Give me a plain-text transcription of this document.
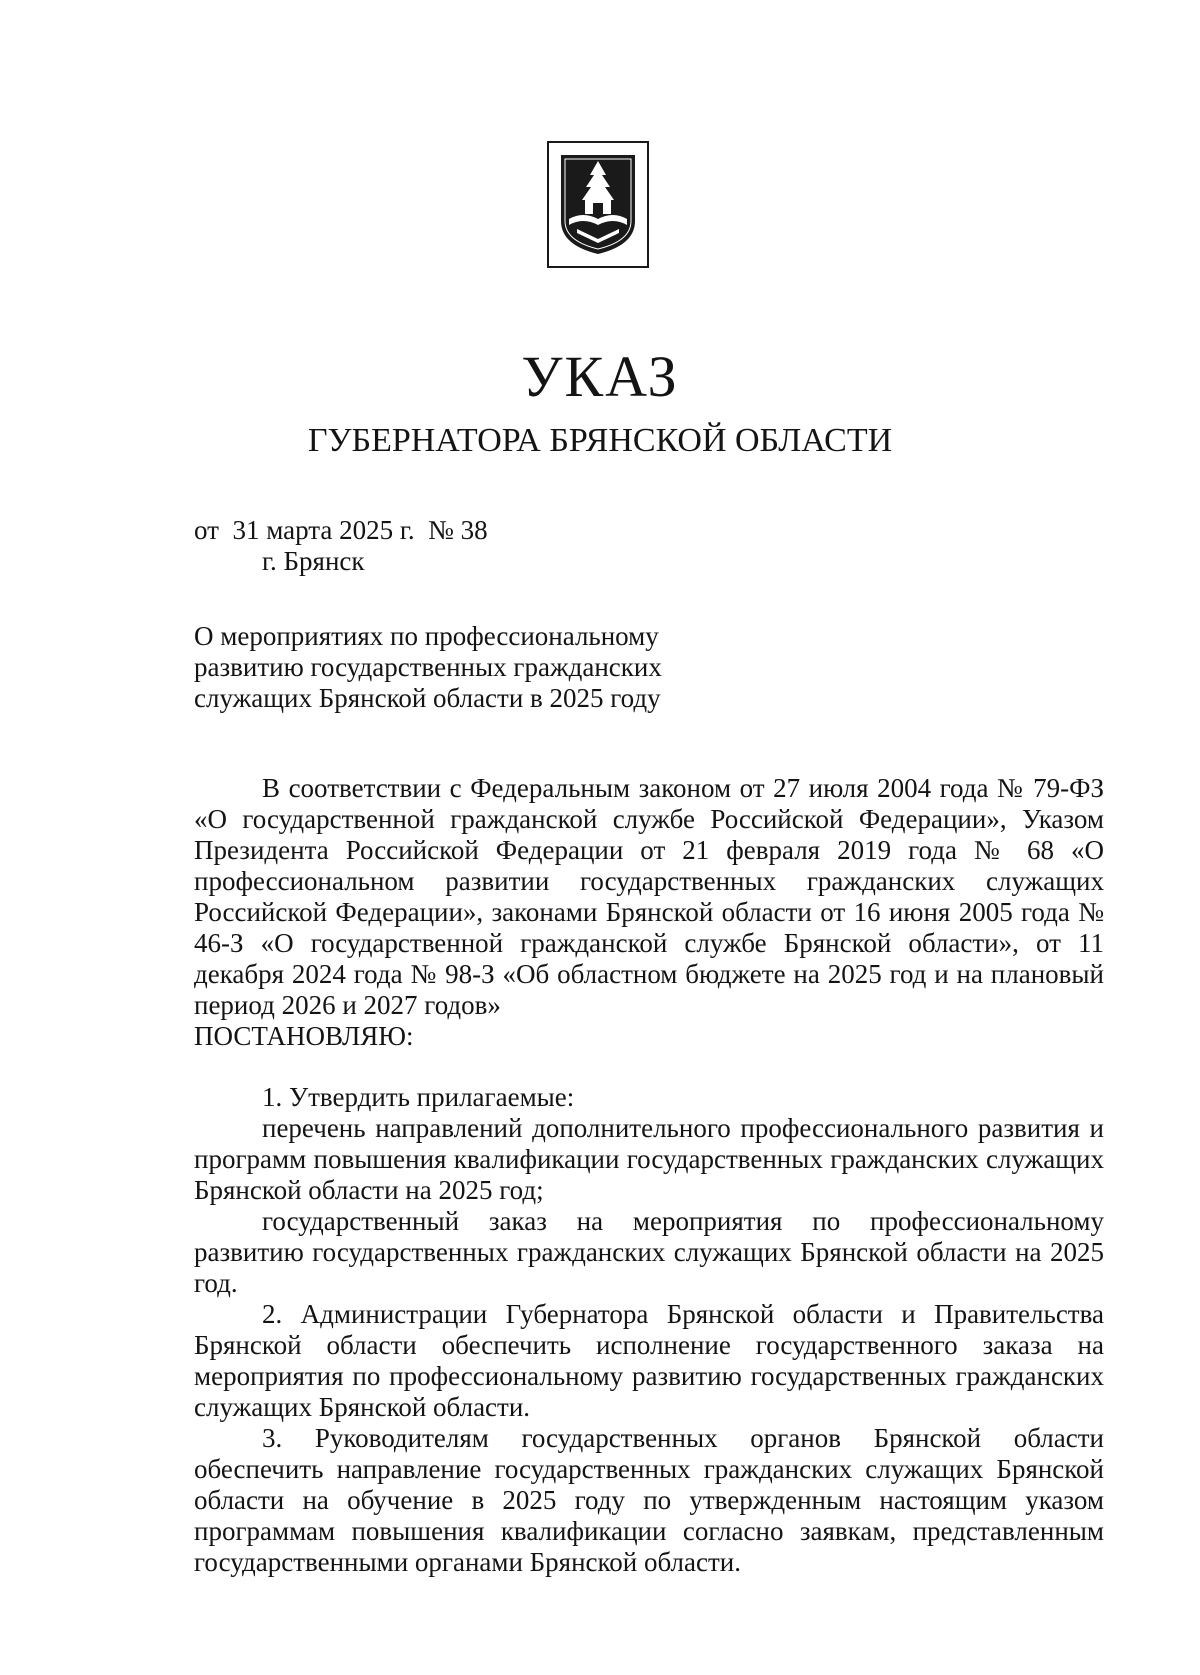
УКАЗ
ГУБЕРНАТОРА БРЯНСКОЙ ОБЛАСТИ
от 31 марта 2025 г. № 38
г. Брянск
О мероприятиях по профессиональному
развитию государственных гражданских
служащих Брянской области в 2025 году

В соответствии с Федеральным законом от 27 июля 2004 года № 79-ФЗ «О государственной гражданской службе Российской Федерации», Указом Президента Российской Федерации от 21 февраля 2019 года № 68 «О профессиональном развитии государственных гражданских служащих Российской Федерации», законами Брянской области от 16 июня 2005 года № 46-З «О государственной гражданской службе Брянской области», от 11 декабря 2024 года № 98-З «Об областном бюджете на 2025 год и на плановый период 2026 и 2027 годов»

ПОСТАНОВЛЯЮ:

1. Утвердить прилагаемые:

перечень направлений дополнительного профессионального развития и программ повышения квалификации государственных гражданских служащих Брянской области на 2025 год;

государственный заказ на мероприятия по профессиональному развитию государственных гражданских служащих Брянской области на 2025 год.

2. Администрации Губернатора Брянской области и Правительства Брянской области обеспечить исполнение государственного заказа на мероприятия по профессиональному развитию государственных гражданских служащих Брянской области.

3. Руководителям государственных органов Брянской области обеспечить направление государственных гражданских служащих Брянской области на обучение в 2025 году по утвержденным настоящим указом программам повышения квалификации согласно заявкам, представленным государственными органами Брянской области.
